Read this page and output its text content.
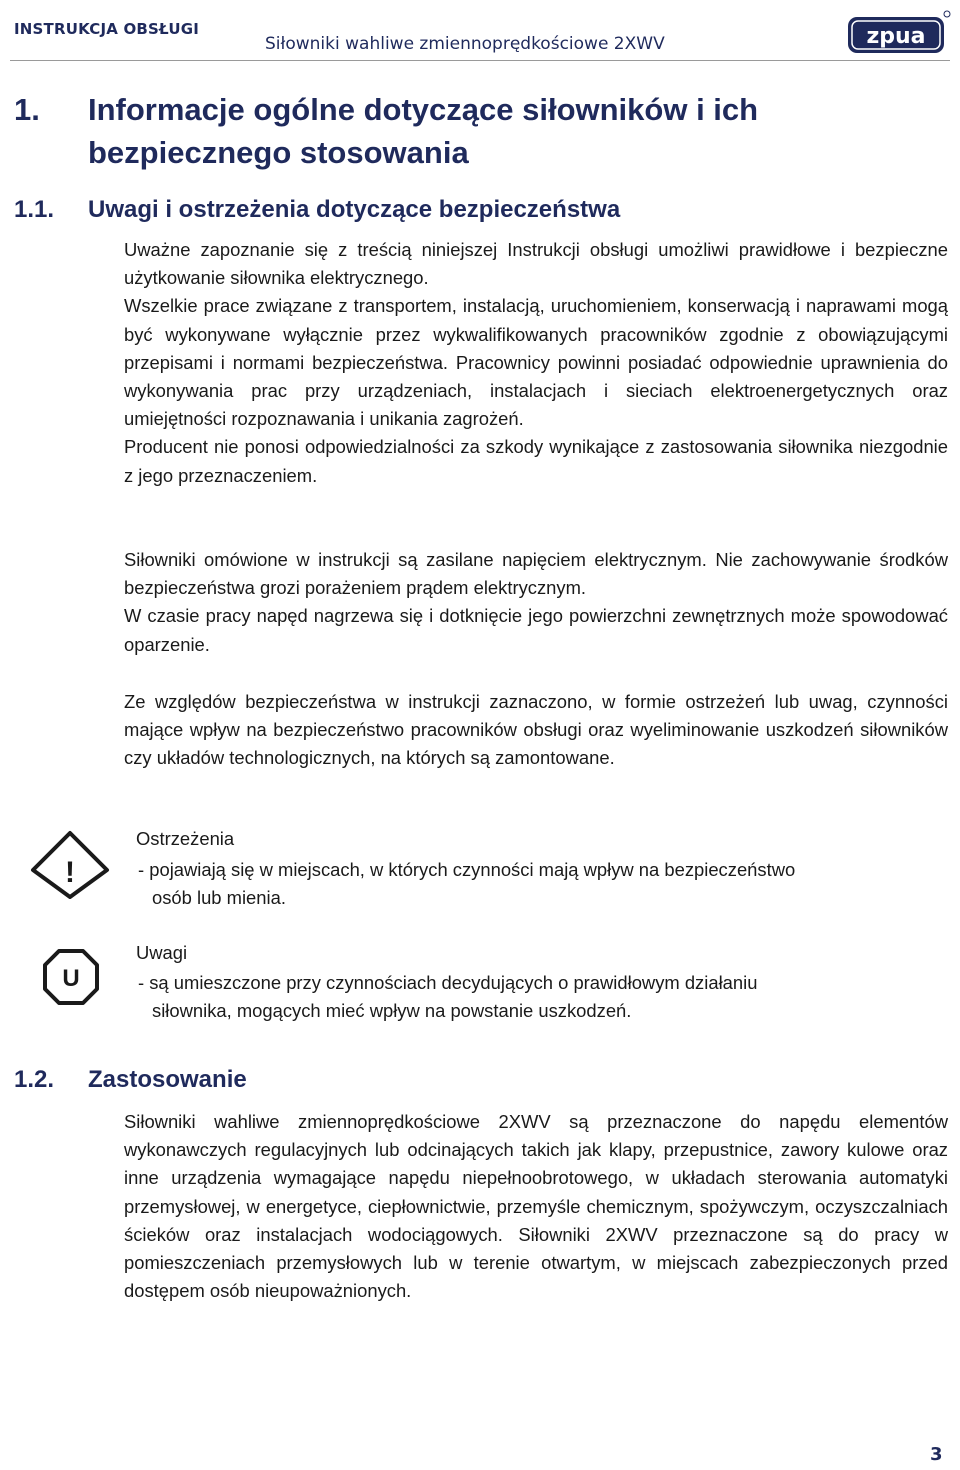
INSTRUKCJA OBSŁUGI
Siłowniki wahliwe zmiennoprędkościowe 2XWV	zpua
1. Informacje ogólne dotyczące siłowników i ich
bezpiecznego stosowania
1.1. Uwagi i ostrzeżenia dotyczące bezpieczeństwa

Uważne zapoznanie się z treścią niniejszej Instrukcji obsługi umożliwi prawidłowe i bezpieczne użytkowanie siłownika elektrycznego.

Wszelkie prace związane z transportem, instalacją, uruchomieniem, konserwacją i naprawami mogą być wykonywane wyłącznie przez wykwalifikowanych pracowników zgodnie z obowiązującymi przepisami i normami bezpieczeństwa. Pracownicy powinni posiadać odpowiednie uprawnienia do wykonywania prac przy urządzeniach, instalacjach i sieciach elektroenergetycznych oraz umiejętności rozpoznawania i unikania zagrożeń.

Producent nie ponosi odpowiedzialności za szkody wynikające z zastosowania siłownika niezgodnie z jego przeznaczeniem.

Siłowniki omówione w instrukcji są zasilane napięciem elektrycznym. Nie zachowywanie środków bezpieczeństwa grozi porażeniem prądem elektrycznym.

W czasie pracy napęd nagrzewa się i dotknięcie jego powierzchni zewnętrznych może spowodować oparzenie.

Ze względów bezpieczeństwa w instrukcji zaznaczono, w formie ostrzeżeń lub uwag, czynności mające wpływ na bezpieczeństwo pracowników obsługi oraz wyeliminowanie uszkodzeń siłowników czy układów technologicznych, na których są zamontowane.

!
Ostrzeżenia
- pojawiają się w miejscach, w których czynności mają wpływ na bezpieczeństwo
osób lub mienia.
U
Uwagi
- są umieszczone przy czynnościach decydujących o prawidłowym działaniu
siłownika, mogących mieć wpływ na powstanie uszkodzeń.
1.2. Zastosowanie

Siłowniki wahliwe zmiennoprędkościowe 2XWV są przeznaczone do napędu elementów wykonawczych regulacyjnych lub odcinających takich jak klapy, przepustnice, zawory kulowe oraz inne urządzenia wymagające napędu niepełnoobrotowego, w układach sterowania automatyki przemysłowej, w energetyce, ciepłownictwie, przemyśle chemicznym, spożywczym, oczyszczalniach ścieków oraz instalacjach wodociągowych. Siłowniki 2XWV przeznaczone są do pracy w pomieszczeniach przemysłowych lub w terenie otwartym, w miejscach zabezpieczonych przed dostępem osób nieupoważnionych.

3
